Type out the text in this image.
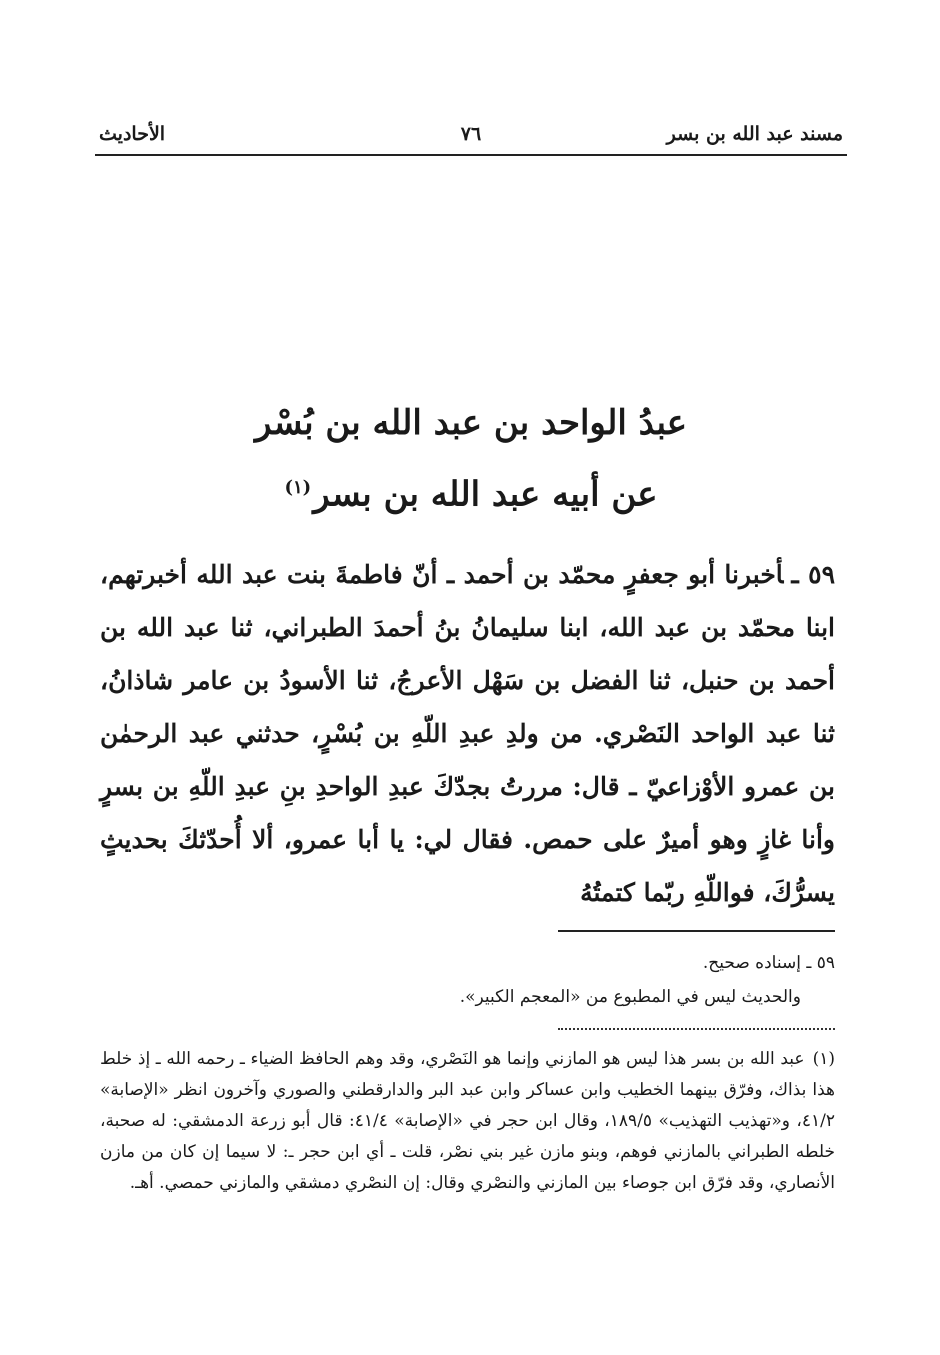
مسند عبد الله بن بسر
٧٦
الأحاديث
عبدُ الواحد بن عبد الله بن بُسْر
عن أبيه عبد الله بن بسر$^{(١)}$

٥٩ ـأخبرنا أبو جعفرٍ محمّد بن أحمد ـ أنّ فاطمةَ بنت عبد الله أخبرتهم، ابنا محمّد بن عبد الله، ابنا سليمانُ بنُ أحمدَ الطبراني، ثنا عبد الله بن أحمد بن حنبل، ثنا الفضل بن سَهْل الأعرجُ، ثنا الأسودُ بن عامر شاذانُ، ثنا عبد الواحد النَصْري. من ولدِ عبدِ اللّهِ بن بُسْرٍ، حدثني عبد الرحمٰن بن عمرو الأوْزاعيّ ـ قال: مررتُ بجدّكَ عبدِ الواحدِ بنِ عبدِ اللّهِ بن بسرٍ وأنا غازٍ وهو أميرٌ على حمص. فقال لي: يا أبا عمرو، ألا أُحدّثكَ بحديثٍ يسرُّكَ، فواللّهِ ربّما كتمتُهُ

٥٩ ـ إسناده صحيح.
والحديث ليس في المطبوع من «المعجم الكبير».

(١)عبد الله بن بسر هذا ليس هو المازني وإنما هو النَصْري، وقد وهم الحافظ الضياء ـ رحمه الله ـ إذ خلط هذا بذاك، وفرّق بينهما الخطيب وابن عساكر وابن عبد البر والدارقطني والصوري وآخرون انظر «الإصابة» ٤١/٢، و«تهذيب التهذيب» ١٨٩/٥، وقال ابن حجر في «الإصابة» ٤١/٤: قال أبو زرعة الدمشقي: له صحبة، خلطه الطبراني بالمازني فوهم، وبنو مازن غير بني نصْر، قلت ـ أي ابن حجر ـ: لا سيما إن كان من مازن الأنصاري، وقد فرّق ابن جوصاء بين المازني والنصْري وقال: إن النصْري دمشقي والمازني حمصي. أهـ.
